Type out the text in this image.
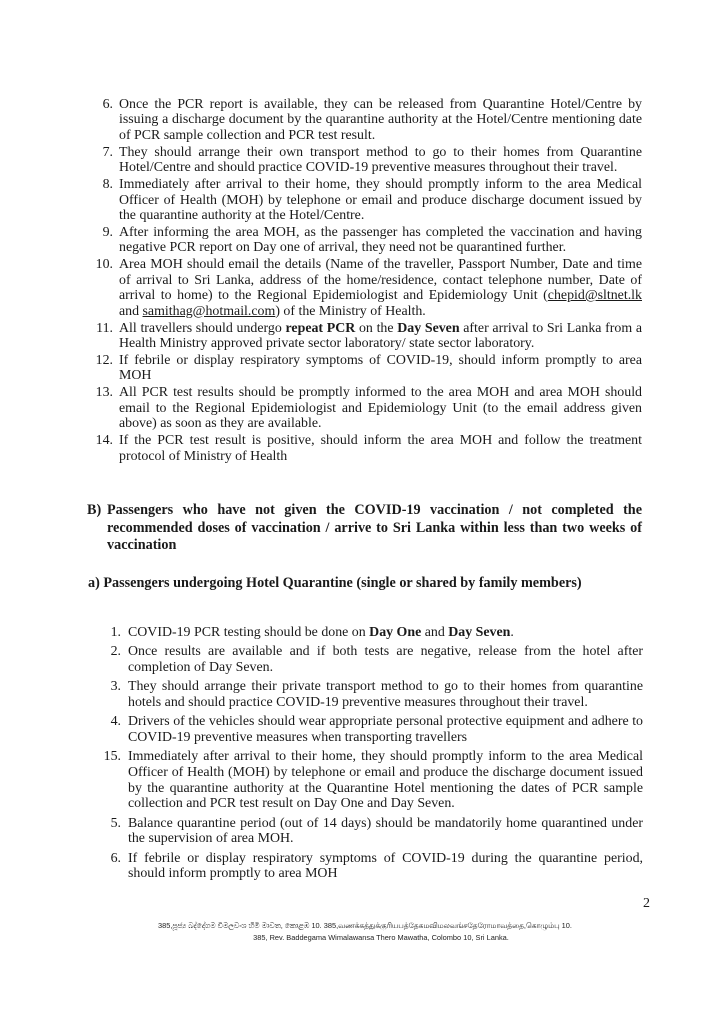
6. Once the PCR report is available, they can be released from Quarantine Hotel/Centre by issuing a discharge document by the quarantine authority at the Hotel/Centre mentioning date of PCR sample collection and PCR test result.
7. They should arrange their own transport method to go to their homes from Quarantine Hotel/Centre and should practice COVID-19 preventive measures throughout their travel.
8. Immediately after arrival to their home, they should promptly inform to the area Medical Officer of Health (MOH) by telephone or email and produce discharge document issued by the quarantine authority at the Hotel/Centre.
9. After informing the area MOH, as the passenger has completed the vaccination and having negative PCR report on Day one of arrival, they need not be quarantined further.
10. Area MOH should email the details (Name of the traveller, Passport Number, Date and time of arrival to Sri Lanka, address of the home/residence, contact telephone number, Date of arrival to home) to the Regional Epidemiologist and Epidemiology Unit (chepid@sltnet.lk and samithag@hotmail.com) of the Ministry of Health.
11. All travellers should undergo repeat PCR on the Day Seven after arrival to Sri Lanka from a Health Ministry approved private sector laboratory/ state sector laboratory.
12. If febrile or display respiratory symptoms of COVID-19, should inform promptly to area MOH
13. All PCR test results should be promptly informed to the area MOH and area MOH should email to the Regional Epidemiologist and Epidemiology Unit (to the email address given above) as soon as they are available.
14. If the PCR test result is positive, should inform the area MOH and follow the treatment protocol of Ministry of Health
B) Passengers who have not given the COVID-19 vaccination / not completed the recommended doses of vaccination / arrive to Sri Lanka within less than two weeks of vaccination
a) Passengers undergoing Hotel Quarantine (single or shared by family members)
1. COVID-19 PCR testing should be done on Day One and Day Seven.
2. Once results are available and if both tests are negative, release from the hotel after completion of Day Seven.
3. They should arrange their private transport method to go to their homes from quarantine hotels and should practice COVID-19 preventive measures throughout their travel.
4. Drivers of the vehicles should wear appropriate personal protective equipment and adhere to COVID-19 preventive measures when transporting travellers
15. Immediately after arrival to their home, they should promptly inform to the area Medical Officer of Health (MOH) by telephone or email and produce the discharge document issued by the quarantine authority at the Quarantine Hotel mentioning the dates of PCR sample collection and PCR test result on Day One and Day Seven.
5. Balance quarantine period (out of 14 days) should be mandatorily home quarantined under the supervision of area MOH.
6. If febrile or display respiratory symptoms of COVID-19 during the quarantine period, should inform promptly to area MOH
2
385,පූජ්‍ය බද්දේගම විමලවංශ හිමි මාවත, කොළඹ 10. 385,வணக்கத்துக்குரியபத்தேகமவிமலவங்சதேரோமாவத்தை,கொழும்பு 10.
385, Rev. Baddegama Wimalawansa Thero Mawatha, Colombo 10, Sri Lanka.
